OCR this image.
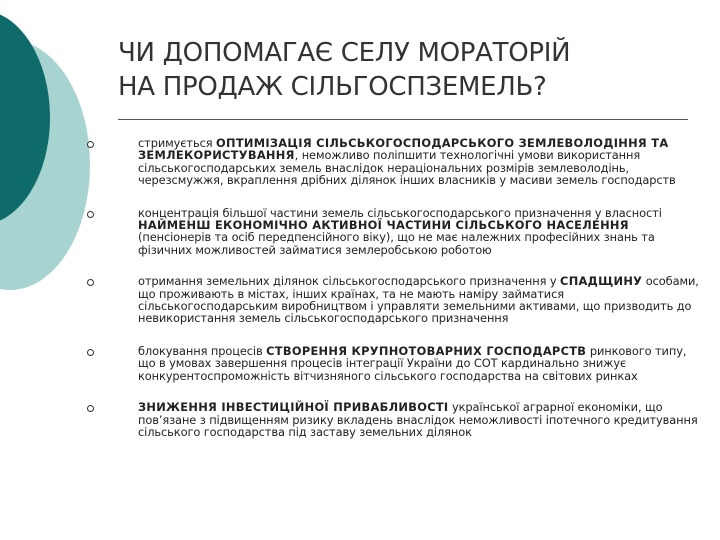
ЧИ ДОПОМАГАЄ СЕЛУ МОРАТОРІЙ
НА ПРОДАЖ СІЛЬГОСПЗЕМЕЛЬ?
стримується ОПТИМІЗАЦІЯ СІЛЬСЬКОГОСПОДАРСЬКОГО ЗЕМЛЕВОЛОДІННЯ ТА ЗЕМЛЕКОРИСТУВАННЯ, неможливо поліпшити технологічні умови використання сільськогосподарських земель внаслідок нераціональних розмірів землеволодінь, черезсмужжя, вкраплення дрібних ділянок інших власників у масиви земель господарств
концентрація більшої частини земель сільськогосподарського призначення у власності НАЙМЕНШ ЕКОНОМІЧНО АКТИВНОЇ ЧАСТИНИ СІЛЬСЬКОГО НАСЕЛЕННЯ (пенсіонерів та осіб передпенсійного віку), що не має належних професійних знань та фізичних можливостей займатися землеробською роботою
отримання земельних ділянок сільськогосподарського призначення у СПАДЩИНУ особами, що проживають в містах, інших країнах, та не мають наміру займатися сільськогосподарським виробництвом і управляти земельними активами, що призводить до невикористання земель сільськогосподарського призначення
блокування процесів СТВОРЕННЯ КРУПНОТОВАРНИХ ГОСПОДАРСТВ ринкового типу, що в умовах завершення процесів інтеграції України до СОТ кардинально знижує конкурентоспроможність вітчизняного сільського господарства на світових ринках
ЗНИЖЕННЯ ІНВЕСТИЦІЙНОЇ ПРИВАБЛИВОСТІ української аграрної економіки, що пов’язане з підвищенням ризику вкладень внаслідок неможливості іпотечного кредитування сільського господарства під заставу земельних ділянок
